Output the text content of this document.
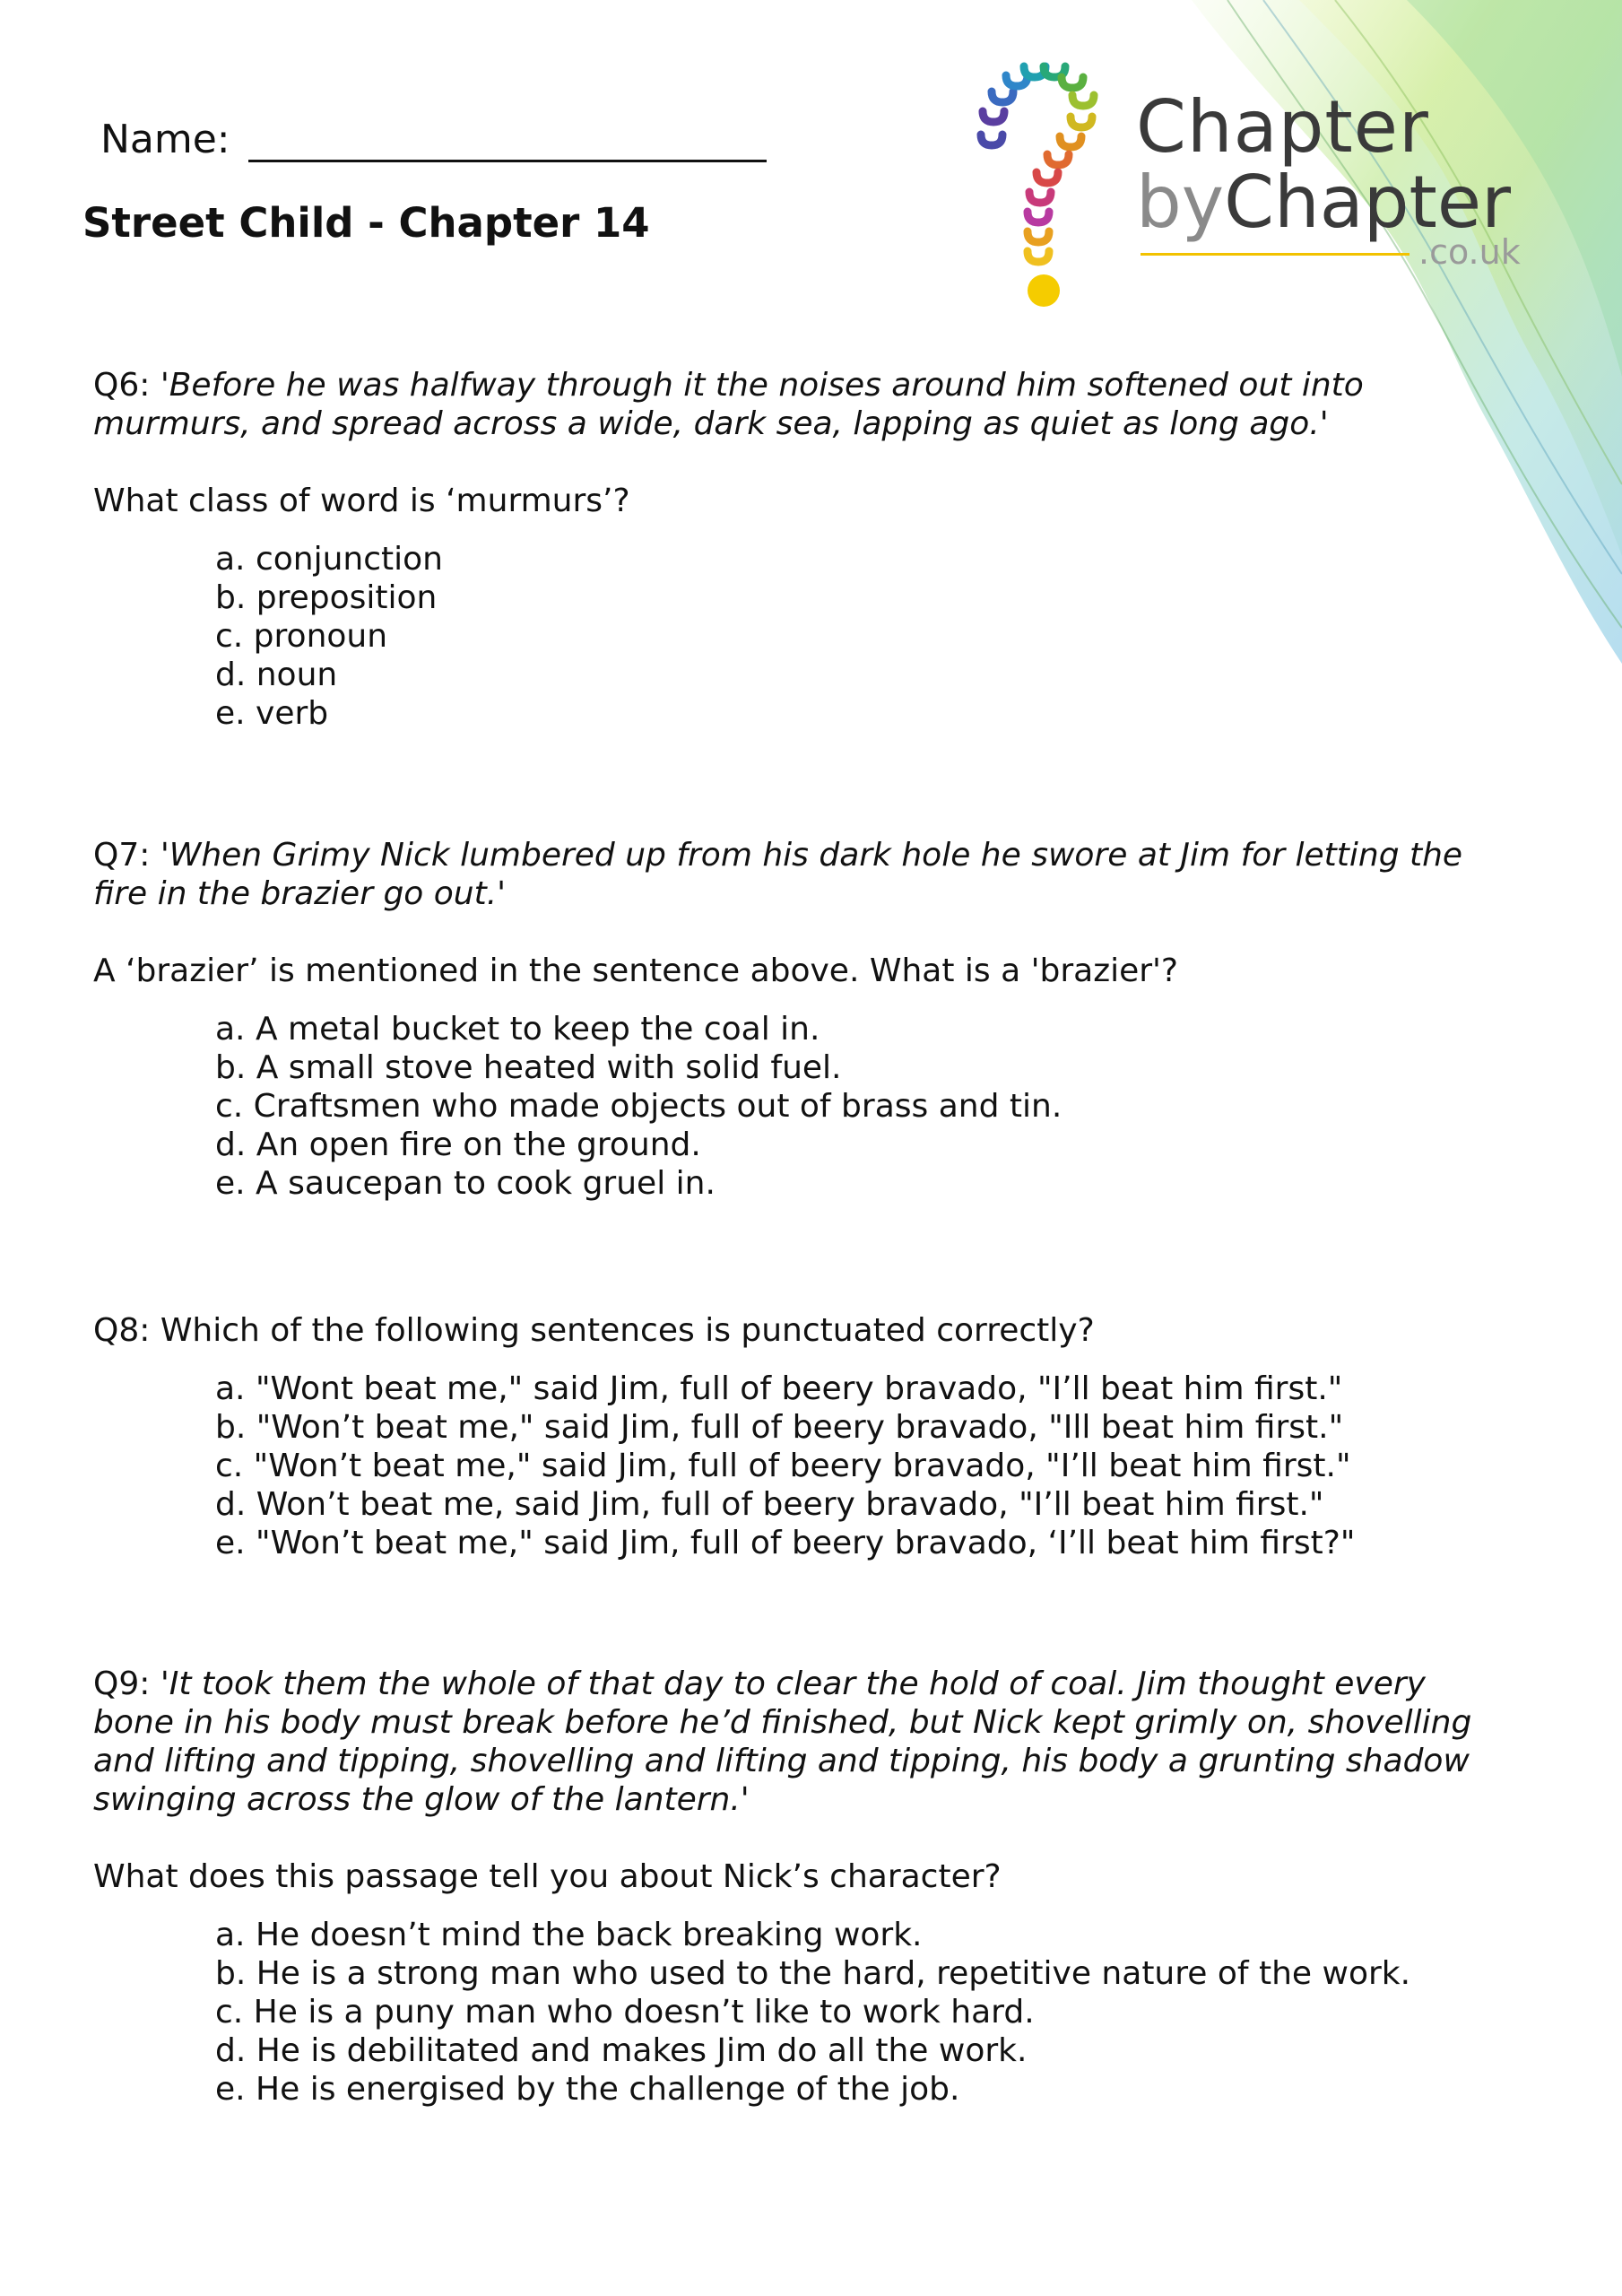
Name:
Street Child - Chapter 14
Chapter
byChapter
.co.uk

Q6: 'Before he was halfway through it the noises around him softened out into murmurs, and spread across a wide, dark sea, lapping as quiet as long ago.'

What class of word is ‘murmurs’?

a. conjunction
b. preposition
c. pronoun
d. noun
e. verb

Q7: 'When Grimy Nick lumbered up from his dark hole he swore at Jim for letting the fire in the brazier go out.'

A ‘brazier’ is mentioned in the sentence above. What is a 'brazier'?

a. A metal bucket to keep the coal in.
b. A small stove heated with solid fuel.
c. Craftsmen who made objects out of brass and tin.
d. An open fire on the ground.
e. A saucepan to cook gruel in.

Q8: Which of the following sentences is punctuated correctly?

a. "Wont beat me," said Jim, full of beery bravado, "I’ll beat him first."
b. "Won’t beat me," said Jim, full of beery bravado, "Ill beat him first."
c. "Won’t beat me," said Jim, full of beery bravado, "I’ll beat him first."
d. Won’t beat me, said Jim, full of beery bravado, "I’ll beat him first."
e. "Won’t beat me," said Jim, full of beery bravado, ‘I’ll beat him first?"

Q9: 'It took them the whole of that day to clear the hold of coal. Jim thought every bone in his body must break before he’d finished, but Nick kept grimly on, shovelling and lifting and tipping, shovelling and lifting and tipping, his body a grunting shadow swinging across the glow of the lantern.'

What does this passage tell you about Nick’s character?

a. He doesn’t mind the back breaking work.
b. He is a strong man who used to the hard, repetitive nature of the work.
c. He is a puny man who doesn’t like to work hard.
d. He is debilitated and makes Jim do all the work.
e. He is energised by the challenge of the job.
